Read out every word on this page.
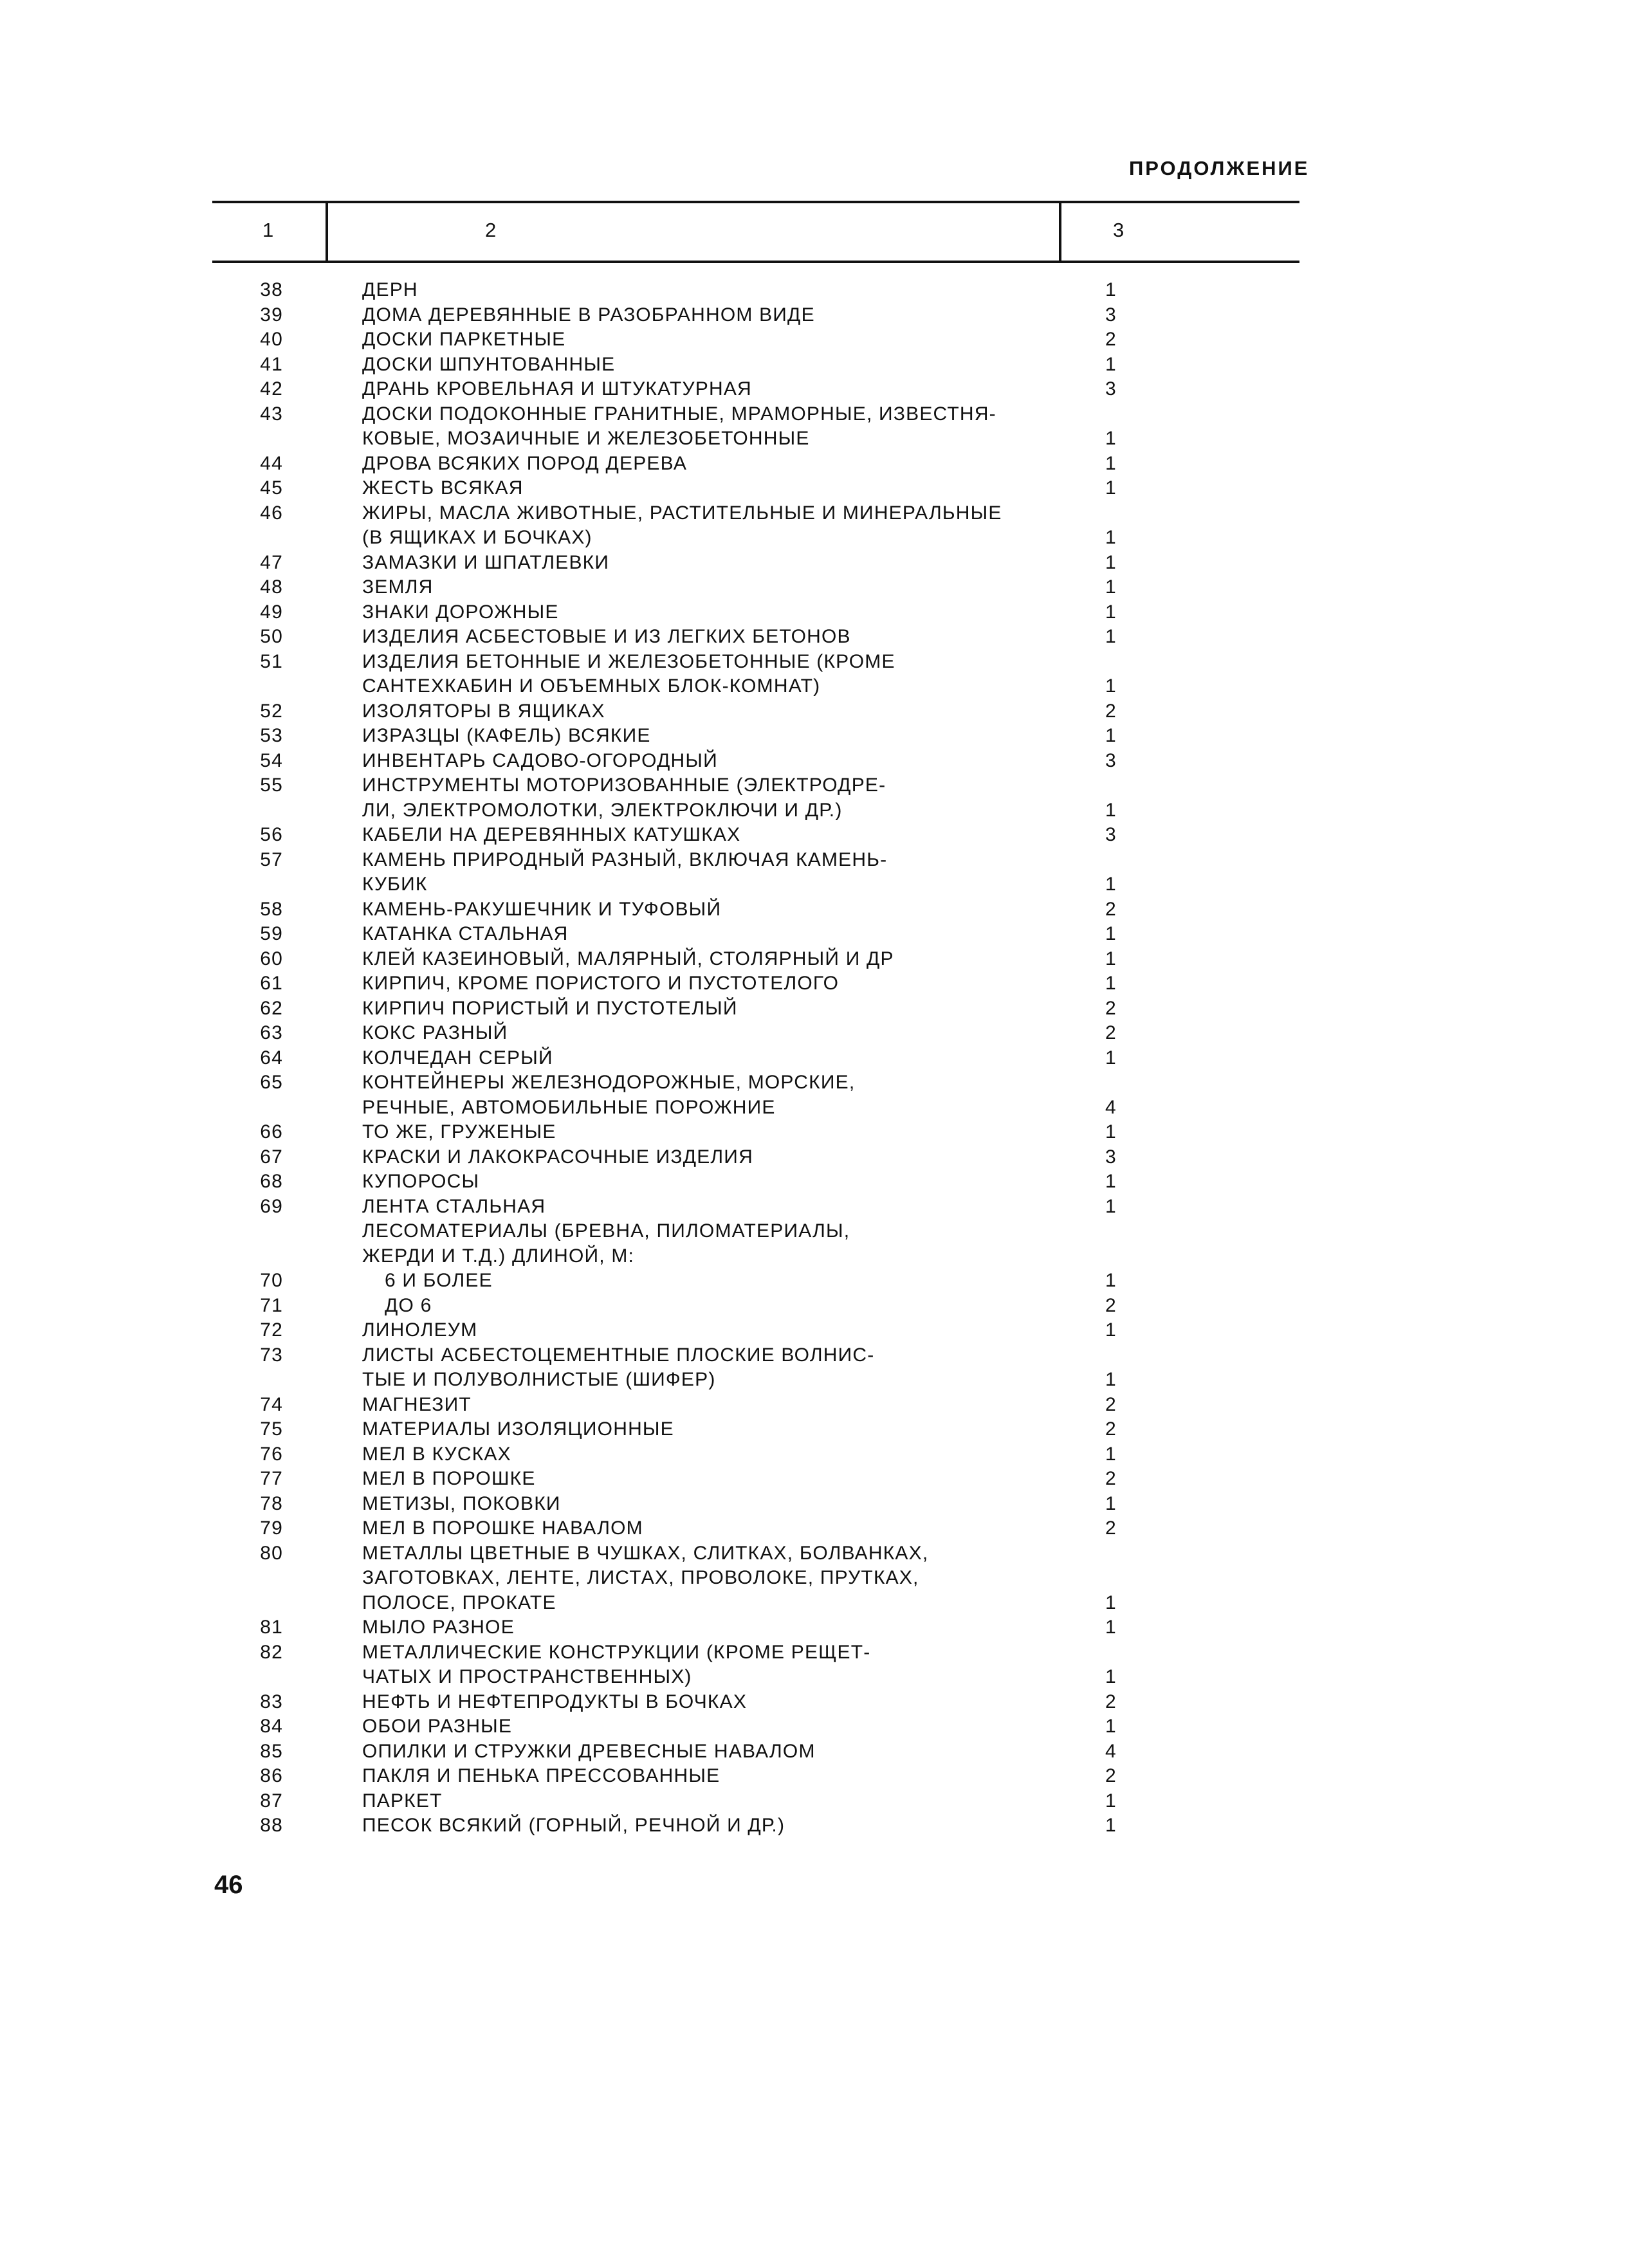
ПРОДОЛЖЕНИЕ
1	2	3
38	ДЕРН	1
39	ДОМА ДЕРЕВЯННЫЕ В РАЗОБРАННОМ ВИДЕ	3
40	ДОСКИ ПАРКЕТНЫЕ	2
41	ДОСКИ ШПУНТОВАННЫЕ	1
42	ДРАНЬ КРОВЕЛЬНАЯ И ШТУКАТУРНАЯ	3
43	ДОСКИ ПОДОКОННЫЕ ГРАНИТНЫЕ, МРАМОРНЫЕ, ИЗВЕСТНЯ-
КОВЫЕ, МОЗАИЧНЫЕ И ЖЕЛЕЗОБЕТОННЫЕ	1
44	ДРОВА ВСЯКИХ ПОРОД ДЕРЕВА	1
45	ЖЕСТЬ ВСЯКАЯ	1
46	ЖИРЫ, МАСЛА ЖИВОТНЫЕ, РАСТИТЕЛЬНЫЕ И МИНЕРАЛЬНЫЕ
(В ЯЩИКАХ И БОЧКАХ)	1
47	ЗАМАЗКИ И ШПАТЛЕВКИ	1
48	ЗЕМЛЯ	1
49	ЗНАКИ ДОРОЖНЫЕ	1
50	ИЗДЕЛИЯ АСБЕСТОВЫЕ И ИЗ ЛЕГКИХ БЕТОНОВ	1
51	ИЗДЕЛИЯ БЕТОННЫЕ И ЖЕЛЕЗОБЕТОННЫЕ (КРОМЕ
САНТЕХКАБИН И ОБЪЕМНЫХ БЛОК-КОМНАТ)	1
52	ИЗОЛЯТОРЫ В ЯЩИКАХ	2
53	ИЗРАЗЦЫ (КАФЕЛЬ) ВСЯКИЕ	1
54	ИНВЕНТАРЬ САДОВО-ОГОРОДНЫЙ	3
55	ИНСТРУМЕНТЫ МОТОРИЗОВАННЫЕ (ЭЛЕКТРОДРЕ-
ЛИ, ЭЛЕКТРОМОЛОТКИ, ЭЛЕКТРОКЛЮЧИ И ДР.)	1
56	КАБЕЛИ НА ДЕРЕВЯННЫХ КАТУШКАХ	3
57	КАМЕНЬ ПРИРОДНЫЙ РАЗНЫЙ, ВКЛЮЧАЯ КАМЕНЬ-
КУБИК	1
58	КАМЕНЬ-РАКУШЕЧНИК И ТУФОВЫЙ	2
59	КАТАНКА СТАЛЬНАЯ	1
60	КЛЕЙ КАЗЕИНОВЫЙ, МАЛЯРНЫЙ, СТОЛЯРНЫЙ И ДР	1
61	КИРПИЧ, КРОМЕ ПОРИСТОГО И ПУСТОТЕЛОГО	1
62	КИРПИЧ ПОРИСТЫЙ И ПУСТОТЕЛЫЙ	2
63	КОКС РАЗНЫЙ	2
64	КОЛЧЕДАН СЕРЫЙ	1
65	КОНТЕЙНЕРЫ ЖЕЛЕЗНОДОРОЖНЫЕ, МОРСКИЕ,
РЕЧНЫЕ, АВТОМОБИЛЬНЫЕ ПОРОЖНИЕ	4
66	ТО ЖЕ, ГРУЖЕНЫЕ	1
67	КРАСКИ И ЛАКОКРАСОЧНЫЕ ИЗДЕЛИЯ	3
68	КУПОРОСЫ	1
69	ЛЕНТА СТАЛЬНАЯ	1
ЛЕСОМАТЕРИАЛЫ (БРЕВНА, ПИЛОМАТЕРИАЛЫ,
ЖЕРДИ И Т.Д.) ДЛИНОЙ, М:
70	6 И БОЛЕЕ	1
71	ДО 6	2
72	ЛИНОЛЕУМ	1
73	ЛИСТЫ АСБЕСТОЦЕМЕНТНЫЕ ПЛОСКИЕ ВОЛНИС-
ТЫЕ И ПОЛУВОЛНИСТЫЕ (ШИФЕР)	1
74	МАГНЕЗИТ	2
75	МАТЕРИАЛЫ ИЗОЛЯЦИОННЫЕ	2
76	МЕЛ В КУСКАХ	1
77	МЕЛ В ПОРОШКЕ	2
78	МЕТИЗЫ, ПОКОВКИ	1
79	МЕЛ В ПОРОШКЕ НАВАЛОМ	2
80	МЕТАЛЛЫ ЦВЕТНЫЕ В ЧУШКАХ, СЛИТКАХ, БОЛВАНКАХ,
ЗАГОТОВКАХ, ЛЕНТЕ, ЛИСТАХ, ПРОВОЛОКЕ, ПРУТКАХ,
ПОЛОСЕ, ПРОКАТЕ	1
81	МЫЛО РАЗНОЕ	1
82	МЕТАЛЛИЧЕСКИЕ КОНСТРУКЦИИ (КРОМЕ РЕЩЕТ-
ЧАТЫХ И ПРОСТРАНСТВЕННЫХ)	1
83	НЕФТЬ И НЕФТЕПРОДУКТЫ В БОЧКАХ	2
84	ОБОИ РАЗНЫЕ	1
85	ОПИЛКИ И СТРУЖКИ ДРЕВЕСНЫЕ НАВАЛОМ	4
86	ПАКЛЯ И ПЕНЬКА ПРЕССОВАННЫЕ	2
87	ПАРКЕТ	1
88	ПЕСОК ВСЯКИЙ (ГОРНЫЙ, РЕЧНОЙ И ДР.)	1
46
